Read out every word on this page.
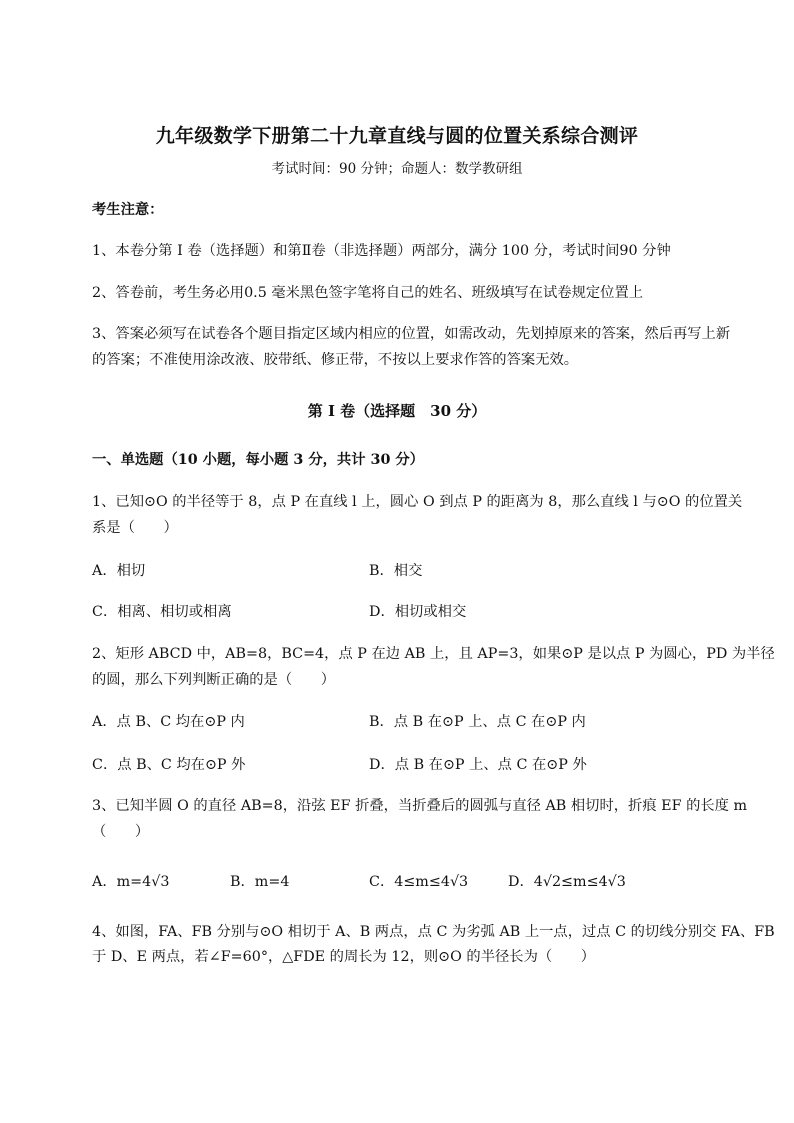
九年级数学下册第二十九章直线与圆的位置关系综合测评
考试时间：90 分钟；命题人：数学教研组
考生注意：
1、本卷分第 I 卷（选择题）和第Ⅱ卷（非选择题）两部分，满分 100 分，考试时间90 分钟
2、答卷前，考生务必用0.5 毫米黑色签字笔将自己的姓名、班级填写在试卷规定位置上
3、答案必须写在试卷各个题目指定区域内相应的位置，如需改动，先划掉原来的答案，然后再写上新
的答案；不准使用涂改液、胶带纸、修正带，不按以上要求作答的答案无效。
第 I 卷（选择题　30 分）
一、单选题（10 小题，每小题 3 分，共计 30 分）
1、已知⊙O 的半径等于 8，点 P 在直线 l 上，圆心 O 到点 P 的距离为 8，那么直线 l 与⊙O 的位置关
系是（　　）
A．相切	B．相交
C．相离、相切或相离	D．相切或相交
2、矩形 ABCD 中，AB=8，BC=4，点 P 在边 AB 上，且 AP=3，如果⊙P 是以点 P 为圆心，PD 为半径
的圆，那么下列判断正确的是（　　）
A．点 B、C 均在⊙P 内	B．点 B 在⊙P 上、点 C 在⊙P 内
C．点 B、C 均在⊙P 外	D．点 B 在⊙P 上、点 C 在⊙P 外
3、已知半圆 O 的直径 AB=8，沿弦 EF 折叠，当折叠后的圆弧与直径 AB 相切时，折痕 EF 的长度 m
（　　）
A．m=4√3	B．m=4	C．4≤m≤4√3	D．4√2≤m≤4√3
4、如图，FA、FB 分别与⊙O 相切于 A、B 两点，点 C 为劣弧 AB 上一点，过点 C 的切线分别交 FA、FB
于 D、E 两点，若∠F=60°，△FDE 的周长为 12，则⊙O 的半径长为（　　）
